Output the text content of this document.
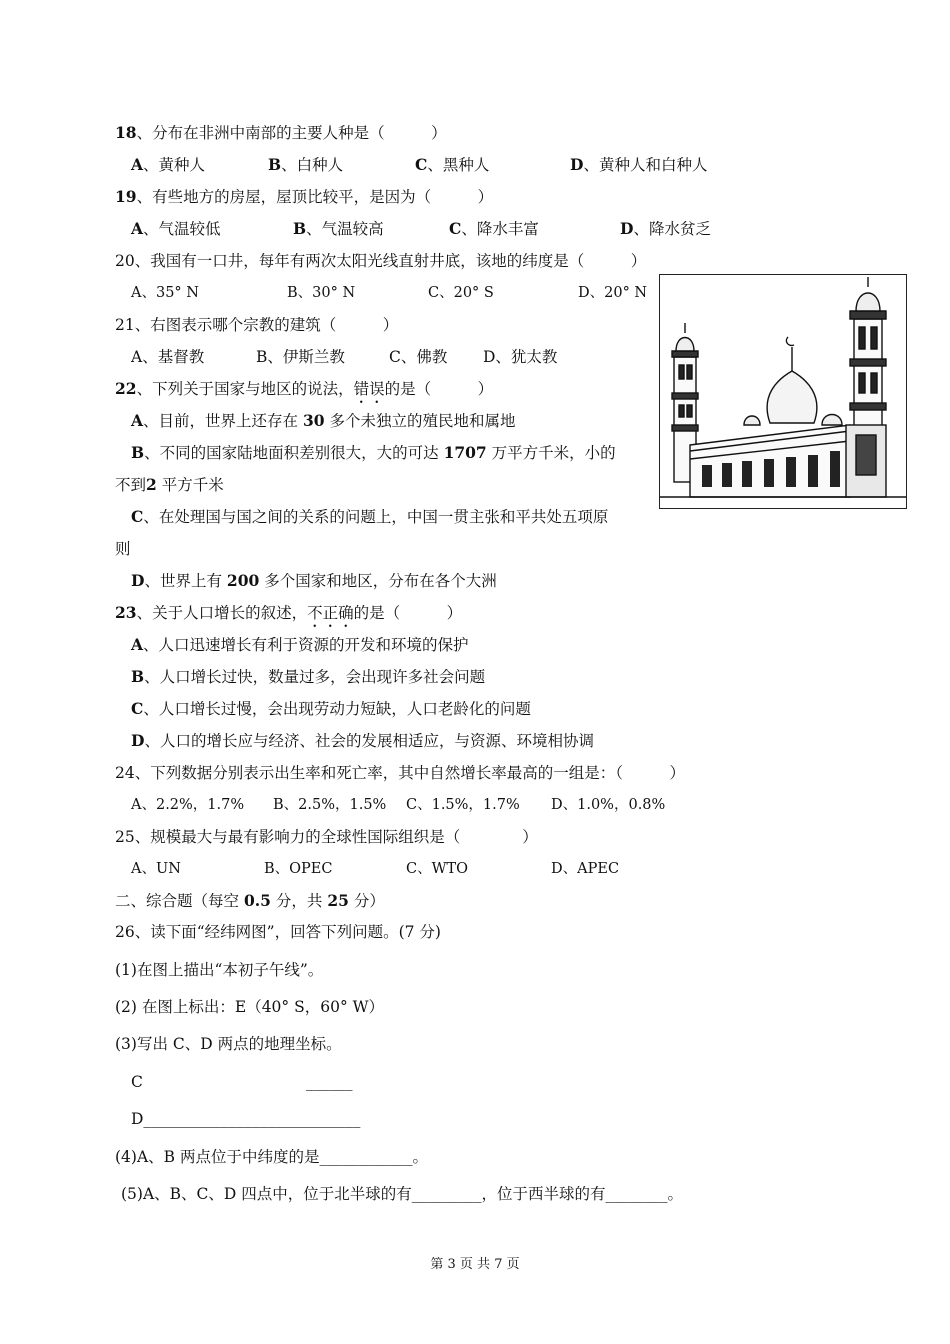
18、分布在非洲中南部的主要人种是（　　　）
A、黄种人	B、白种人	C、黑种人	D、黄种人和白种人
19、有些地方的房屋，屋顶比较平，是因为（　　　）
A、气温较低	B、气温较高	C、降水丰富	D、降水贫乏
20、我国有一口井，每年有两次太阳光线直射井底，该地的纬度是（　　　）
A、35° N	B、30° N	C、20° S	D、20° N
21、右图表示哪个宗教的建筑（　　　）
A、基督教	B、伊斯兰教	C、佛教 D、犹太教
22、下列关于国家与地区的说法，错误的是（　　　）
A、目前，世界上还存在 30 多个未独立的殖民地和属地
B、不同的国家陆地面积差别很大，大的可达 1707 万平方千米，小的
不到2 平方千米
C、在处理国与国之间的关系的问题上，中国一贯主张和平共处五项原
则
D、世界上有 200 多个国家和地区，分布在各个大洲
23、关于人口增长的叙述，不正确的是（　　　）
A、人口迅速增长有利于资源的开发和环境的保护
B、人口增长过快，数量过多，会出现许多社会问题
C、人口增长过慢，会出现劳动力短缺，人口老龄化的问题
D、人口的增长应与经济、社会的发展相适应，与资源、环境相协调
24、下列数据分别表示出生率和死亡率，其中自然增长率最高的一组是：（　　　）
A、2.2%，1.7% B、2.5%，1.5% C、1.5%，1.7% D、1.0%，0.8%
25、规模最大与最有影响力的全球性国际组织是（　　　　）
A、UN	B、OPEC	C、WTO	D、APEC
二、综合题（每空 0.5 分，共 25 分）
26、读下面“经纬网图”，回答下列问题。(7 分)
(1)在图上描出“本初子午线”。
(2) 在图上标出：E（40° S，60° W）
(3)写出 C、D 两点的地理坐标。
C	______
D____________________________
(4)A、B 两点位于中纬度的是____________。
(5)A、B、C、D 四点中，位于北半球的有_________，位于西半球的有________。
第 3 页 共 7 页
